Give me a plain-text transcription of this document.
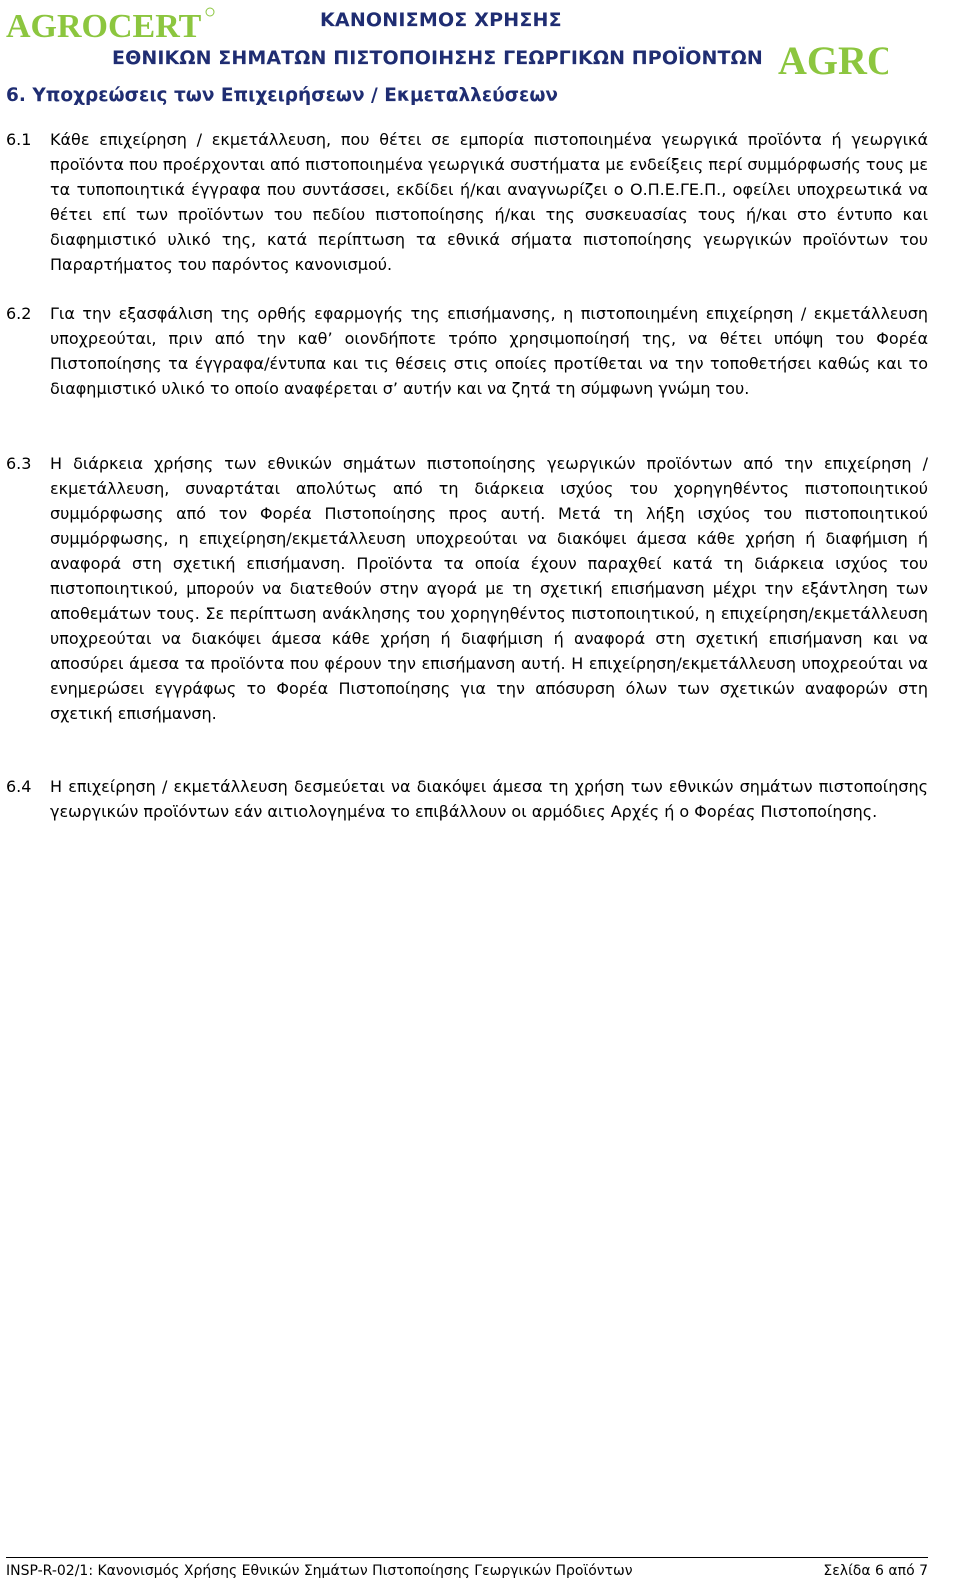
AGROCERT	ΚΑΝΟΝΙΣΜΟΣ ΧΡΗΣΗΣ
ΕΘΝΙΚΩΝ ΣΗΜΑΤΩΝ ΠΙΣΤΟΠΟΙΗΣΗΣ ΓΕΩΡΓΙΚΩΝ ΠΡΟΪΟΝΤΩΝ AGRO
6. Υποχρεώσεις των Επιχειρήσεων / Εκμεταλλεύσεων
6.1	Κάθε επιχείρηση / εκμετάλλευση, που θέτει σε εμπορία πιστοποιημένα γεωργικά προϊόντα ή γεωργικά προϊόντα που προέρχονται από πιστοποιημένα γεωργικά συστήματα με ενδείξεις περί συμμόρφωσής τους με τα τυποποιητικά έγγραφα που συντάσσει, εκδίδει ή/και αναγνωρίζει ο Ο.Π.Ε.ΓΕ.Π., οφείλει υποχρεωτικά να θέτει επί των προϊόντων του πεδίου πιστοποίησης ή/και της συσκευασίας τους ή/και στο έντυπο και διαφημιστικό υλικό της, κατά περίπτωση τα εθνικά σήματα πιστοποίησης γεωργικών προϊόντων του Παραρτήματος του παρόντος κανονισμού.
6.2	Για την εξασφάλιση της ορθής εφαρμογής της επισήμανσης, η πιστοποιημένη επιχείρηση / εκμετάλλευση υποχρεούται, πριν από την καθ’ οιονδήποτε τρόπο χρησιμοποίησή της, να θέτει υπόψη του Φορέα Πιστοποίησης τα έγγραφα/έντυπα και τις θέσεις στις οποίες προτίθεται να την τοποθετήσει καθώς και το διαφημιστικό υλικό το οποίο αναφέρεται σ’ αυτήν και να ζητά τη σύμφωνη γνώμη του.
6.3	Η διάρκεια χρήσης των εθνικών σημάτων πιστοποίησης γεωργικών προϊόντων από την επιχείρηση /εκμετάλλευση, συναρτάται απολύτως από τη διάρκεια ισχύος του χορηγηθέντος πιστοποιητικού συμμόρφωσης από τον Φορέα Πιστοποίησης προς αυτή. Μετά τη λήξη ισχύος του πιστοποιητικού συμμόρφωσης, η επιχείρηση/εκμετάλλευση υποχρεούται να διακόψει άμεσα κάθε χρήση ή διαφήμιση ή αναφορά στη σχετική επισήμανση. Προϊόντα τα οποία έχουν παραχθεί κατά τη διάρκεια ισχύος του πιστοποιητικού, μπορούν να διατεθούν στην αγορά με τη σχετική επισήμανση μέχρι την εξάντληση των αποθεμάτων τους. Σε περίπτωση ανάκλησης του χορηγηθέντος πιστοποιητικού, η επιχείρηση/εκμετάλλευση υποχρεούται να διακόψει άμεσα κάθε χρήση ή διαφήμιση ή αναφορά στη σχετική επισήμανση και να αποσύρει άμεσα τα προϊόντα που φέρουν την επισήμανση αυτή. Η επιχείρηση/εκμετάλλευση υποχρεούται να ενημερώσει εγγράφως το Φορέα Πιστοποίησης για την απόσυρση όλων των σχετικών αναφορών στη σχετική επισήμανση.
6.4	Η επιχείρηση / εκμετάλλευση δεσμεύεται να διακόψει άμεσα τη χρήση των εθνικών σημάτων πιστοποίησης γεωργικών προϊόντων εάν αιτιολογημένα το επιβάλλουν οι αρμόδιες Αρχές ή ο Φορέας Πιστοποίησης.
INSP-R-02/1: Κανονισμός Χρήσης Εθνικών Σημάτων Πιστοποίησης Γεωργικών Προϊόντων	Σελίδα 6 από 7
